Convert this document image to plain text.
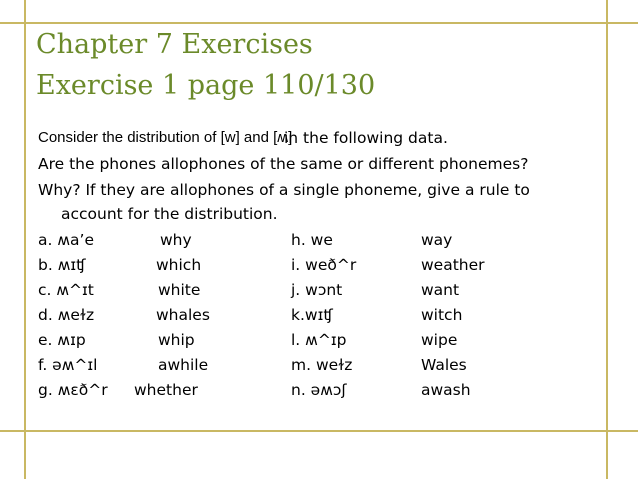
Chapter 7 Exercises
Exercise 1 page 110/130
Consider the distribution of [w] and [ʍ]
in the following data.
Are the phones allophones of the same or different phonemes?
Why? If they are allophones of a single phoneme, give a rule to
account for the distribution.
a. ʍa’e	why	h. we	way
b. ʍɪʧ	which	i. weð^r	weather
c. ʍ^ɪt	white	j. wɔnt	want
d. ʍeɫz	whales	k.wɪʧ	witch
e. ʍɪp	whip	l. ʍ^ɪp	wipe
f. əʍ^ɪl	awhile	m. weɫz	Wales
g. ʍɛð^r whether	n. əʍɔʃ	awash
